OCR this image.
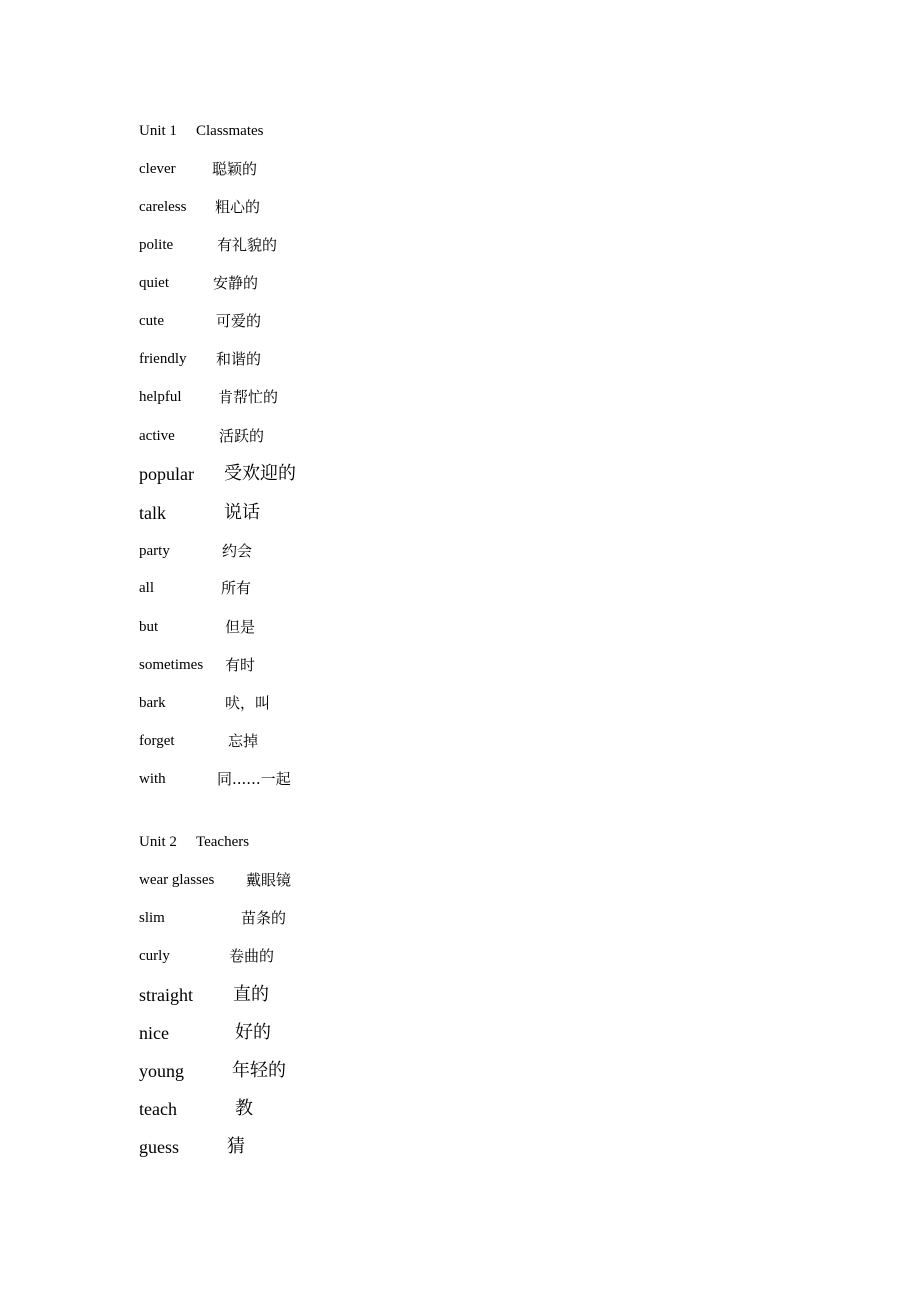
Unit 1 Classmates
clever 聪颖的
careless 粗心的
polite	有礼貌的
quiet	安静的
cute	可爱的
friendly 和谐的
helpful 肯帮忙的
active	活跃的
popular 受欢迎的
talk	说话
party	约会
all	所有
but	但是
sometimes 有时
bark	吠，叫
forget	忘掉
with	同......一起
Unit 2 Teachers
wear glasses 戴眼镜
slim	苗条的
curly	卷曲的
straight 直的
nice	好的
young	年轻的
teach	教
guess	猜
